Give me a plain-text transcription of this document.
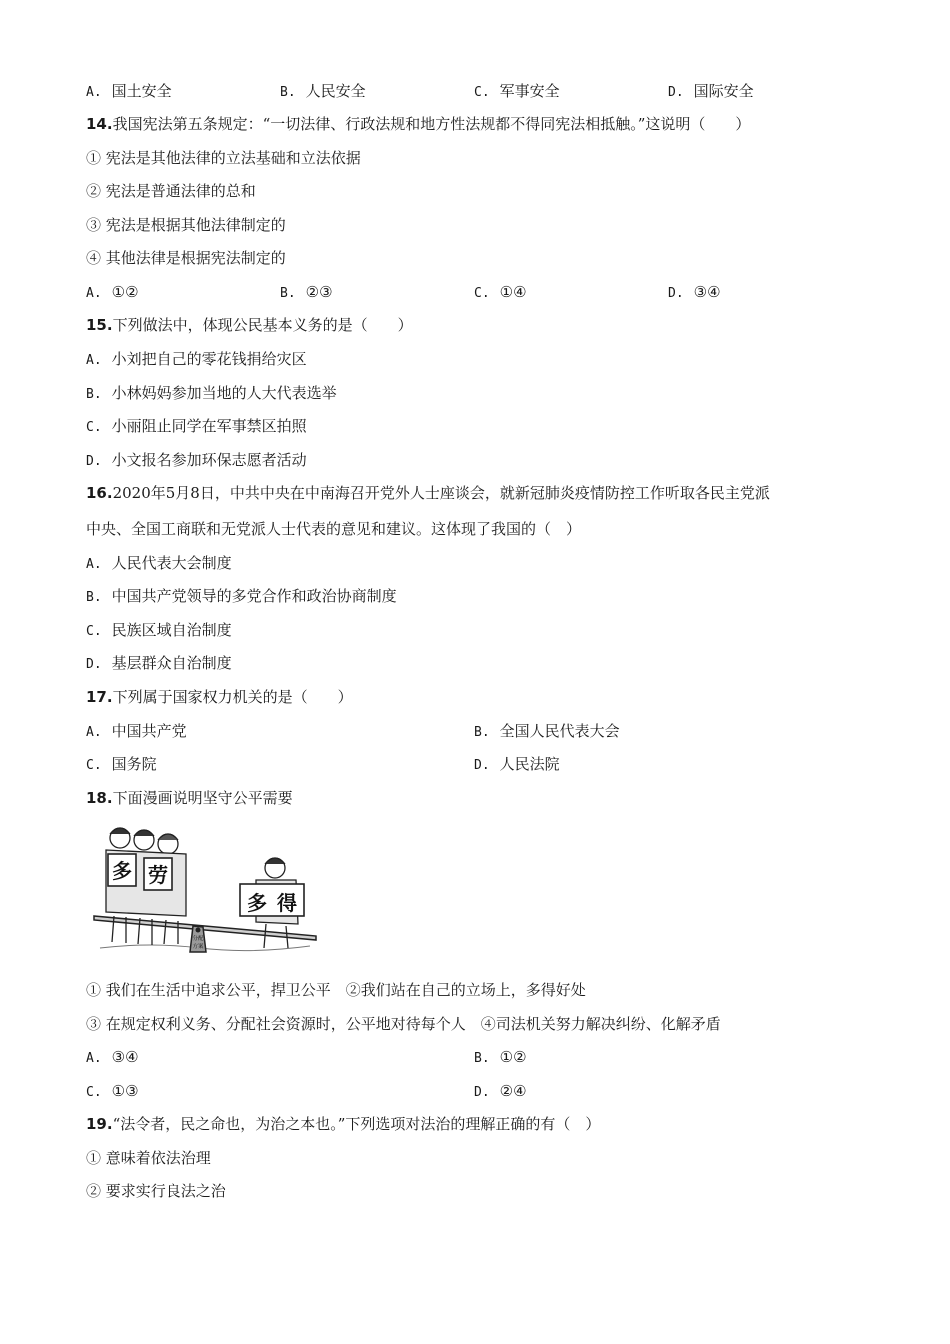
A. 国土安全	B. 人民安全	C. 军事安全	D. 国际安全
14.我国宪法第五条规定：“一切法律、行政法规和地方性法规都不得同宪法相抵触。”这说明（　　）
① 宪法是其他法律的立法基础和立法依据
② 宪法是普通法律的总和
③ 宪法是根据其他法律制定的
④ 其他法律是根据宪法制定的
A. ①②	B. ②③	C. ①④	D. ③④
15.下列做法中，体现公民基本义务的是（　　）
A. 小刘把自己的零花钱捐给灾区
B. 小林妈妈参加当地的人大代表选举
C. 小丽阻止同学在军事禁区拍照
D. 小文报名参加环保志愿者活动
16.2020年5月8日，中共中央在中南海召开党外人士座谈会，就新冠肺炎疫情防控工作听取各民主党派
中央、全国工商联和无党派人士代表的意见和建议。这体现了我国的（　）
A. 人民代表大会制度
B. 中国共产党领导的多党合作和政治协商制度
C. 民族区域自治制度
D. 基层群众自治制度
17.下列属于国家权力机关的是（　　）
A. 中国共产党	B. 全国人民代表大会
C. 国务院	D. 人民法院
18.下面漫画说明坚守公平需要
分配
方案
多 劳
多 得
① 我们在生活中追求公平，捍卫公平　②我们站在自己的立场上，多得好处
③ 在规定权利义务、分配社会资源时，公平地对待每个人　④司法机关努力解决纠纷、化解矛盾
A. ③④	B. ①②
C. ①③	D. ②④
19.“法令者，民之命也，为治之本也。”下列选项对法治的理解正确的有（　）
① 意味着依法治理
② 要求实行良法之治
